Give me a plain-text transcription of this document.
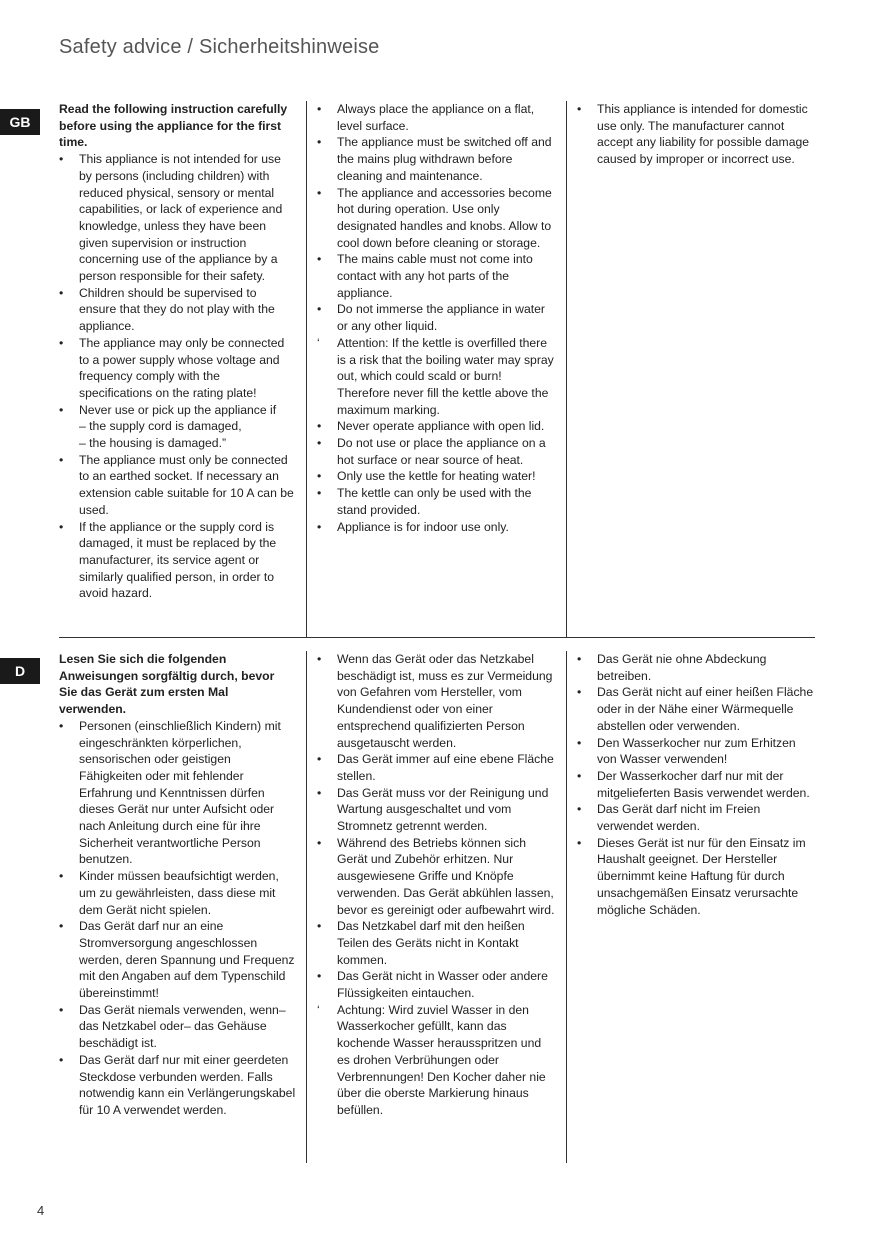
Safety advice / Sicherheitshinweise
GB

Read the following instruction carefully before using the appliance for the first time.

•	This appliance is not intended for use by persons (including children) with reduced physical, sensory or mental capabilities, or lack of experience and knowledge, unless they have been given supervision or instruction concerning use of the appliance by a person responsible for their safety.
•	Children should be supervised to ensure that they do not play with the appliance.
•	The appliance may only be connected to a power supply whose voltage and frequency comply with the specifications on the rating plate!
•	Never use or pick up the appliance if
– the supply cord is damaged,
– the housing is damaged.”
•	The appliance must only be connected to an earthed socket. If necessary an extension cable suitable for 10 A can be used.
•	If the appliance or the supply cord is damaged, it must be replaced by the manufacturer, its service agent or similarly qualified person, in order to avoid hazard.
•	Always place the appliance on a flat, level surface.
•	The appliance must be switched off and the mains plug withdrawn before cleaning and maintenance.
•	The appliance and accessories become hot during operation. Use only designated handles and knobs. Allow to cool down before cleaning or storage.
•	The mains cable must not come into contact with any hot parts of the appliance.
•	Do not immerse the appliance in water or any other liquid.
‘	Attention: If the kettle is overfilled there is a risk that the boiling water may spray out, which could scald or burn! Therefore never fill the kettle above the maximum marking.
•	Never operate appliance with open lid.
•	Do not use or place the appliance on a hot surface or near source of heat.
•	Only use the kettle for heating water!
•	The kettle can only be used with the stand provided.
•	Appliance is for indoor use only.
•	This appliance is intended for domestic use only. The manufacturer cannot accept any liability for possible damage caused by improper or incorrect use.
D

Lesen Sie sich die folgenden Anweisungen sorgfältig durch, bevor Sie das Gerät zum ersten Mal verwenden.

•	Personen (einschließlich Kindern) mit eingeschränkten körperlichen, sensorischen oder geistigen Fähigkeiten oder mit fehlender Erfahrung und Kenntnissen dürfen dieses Gerät nur unter Aufsicht oder nach Anleitung durch eine für ihre Sicherheit verantwortliche Person benutzen.
•	Kinder müssen beaufsichtigt werden, um zu gewährleisten, dass diese mit dem Gerät nicht spielen.
•	Das Gerät darf nur an eine Stromversorgung angeschlossen werden, deren Spannung und Frequenz mit den Angaben auf dem Typenschild übereinstimmt!
•	Das Gerät niemals verwenden, wenn– das Netzkabel oder– das Gehäuse beschädigt ist.
•	Das Gerät darf nur mit einer geerdeten Steckdose verbunden werden. Falls notwendig kann ein Verlängerungskabel für 10 A verwendet werden.
•	Wenn das Gerät oder das Netzkabel beschädigt ist, muss es zur Vermeidung von Gefahren vom Hersteller, vom Kundendienst oder von einer entsprechend qualifizierten Person ausgetauscht werden.
•	Das Gerät immer auf eine ebene Fläche stellen.
•	Das Gerät muss vor der Reinigung und Wartung ausgeschaltet und vom Stromnetz getrennt werden.
•	Während des Betriebs können sich Gerät und Zubehör erhitzen. Nur ausgewiesene Griffe und Knöpfe verwenden. Das Gerät abkühlen lassen, bevor es gereinigt oder aufbewahrt wird.
•	Das Netzkabel darf mit den heißen Teilen des Geräts nicht in Kontakt kommen.
•	Das Gerät nicht in Wasser oder andere Flüssigkeiten eintauchen.
‘	Achtung: Wird zuviel Wasser in den Wasserkocher gefüllt, kann das kochende Wasser herausspritzen und es drohen Verbrühungen oder Verbrennungen! Den Kocher daher nie über die oberste Markierung hinaus befüllen.
•	Das Gerät nie ohne Abdeckung betreiben.
•	Das Gerät nicht auf einer heißen Fläche oder in der Nähe einer Wärmequelle abstellen oder verwenden.
•	Den Wasserkocher nur zum Erhitzen von Wasser verwenden!
•	Der Wasserkocher darf nur mit der mitgelieferten Basis verwendet werden.
•	Das Gerät darf nicht im Freien verwendet werden.
•	Dieses Gerät ist nur für den Einsatz im Haushalt geeignet. Der Hersteller übernimmt keine Haftung für durch unsachgemäßen Einsatz verursachte mögliche Schäden.
4
